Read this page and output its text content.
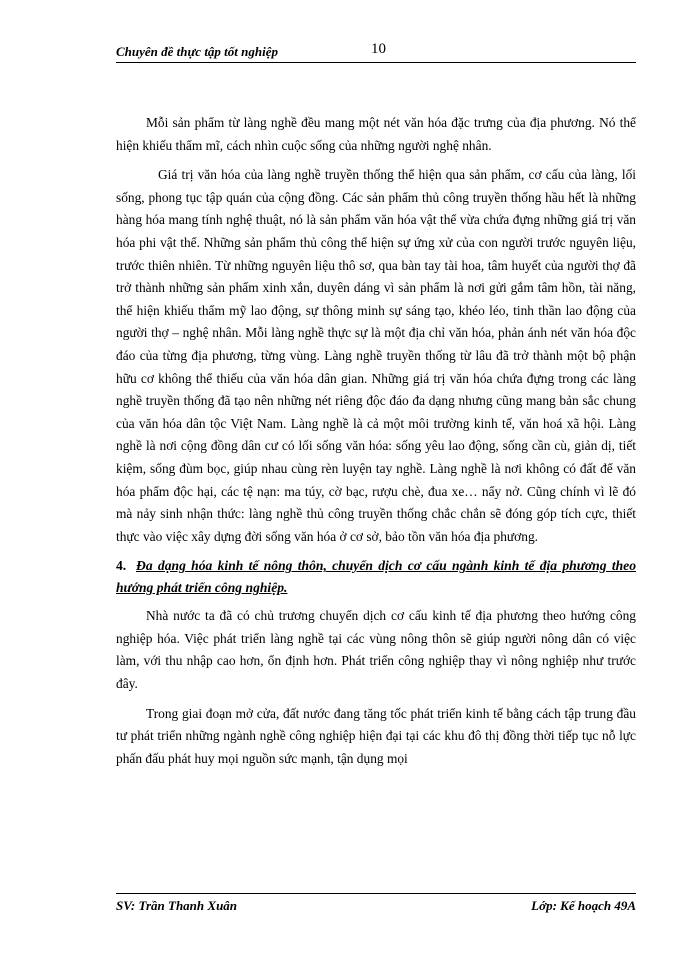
Chuyên đề thực tập tốt nghiệp	10

Mỗi sản phẩm từ làng nghề đều mang một nét văn hóa đặc trưng của địa phương. Nó thể hiện khiếu thẩm mĩ, cách nhìn cuộc sống của những người nghệ nhân.

Giá trị văn hóa của làng nghề truyền thống thể hiện qua sản phẩm, cơ cấu của làng, lối sống, phong tục tập quán của cộng đồng. Các sản phẩm thủ công truyền thống hầu hết là những hàng hóa mang tính nghệ thuật, nó là sản phẩm văn hóa vật thể vừa chứa đựng những giá trị văn hóa phi vật thể. Những sản phẩm thủ công thể hiện sự ứng xử của con người trước nguyên liệu, trước thiên nhiên. Từ những nguyên liệu thô sơ, qua bàn tay tài hoa, tâm huyết của người thợ đã trở thành những sản phẩm xinh xắn, duyên dáng vì sản phẩm là nơi gửi gắm tâm hồn, tài năng, thể hiện khiếu thẩm mỹ lao động, sự thông minh sự sáng tạo, khéo léo, tinh thần lao động của người thợ – nghệ nhân. Mỗi làng nghề thực sự là một địa chỉ văn hóa, phản ánh nét văn hóa độc đáo của từng địa phương, từng vùng. Làng nghề truyền thống từ lâu đã trở thành một bộ phận hữu cơ không thể thiếu của văn hóa dân gian. Những giá trị văn hóa chứa đựng trong các làng nghề truyền thống đã tạo nên những nét riêng độc đáo đa dạng nhưng cũng mang bản sắc chung của văn hóa dân tộc Việt Nam. Làng nghề là cả một môi trường kinh tế, văn hoá xã hội. Làng nghề là nơi cộng đồng dân cư có lối sống văn hóa: sống yêu lao động, sống cần cù, giản dị, tiết kiệm, sống đùm bọc, giúp nhau cùng rèn luyện tay nghề. Làng nghề là nơi không có đất để văn hóa phẩm độc hại, các tệ nạn: ma túy, cờ bạc, rượu chè, đua xe… nẩy nở. Cũng chính vì lẽ đó mà nảy sinh nhận thức: làng nghề thủ công truyền thống chắc chắn sẽ đóng góp tích cực, thiết thực vào việc xây dựng đời sống văn hóa ở cơ sở, bảo tồn văn hóa địa phương.

4. Đa dạng hóa kinh tế nông thôn, chuyển dịch cơ cấu ngành kinh tế địa phương theo hướng phát triển công nghiệp.

Nhà nước ta đã có chủ trương chuyển dịch cơ cấu kinh tế địa phương theo hướng công nghiệp hóa. Việc phát triển làng nghề tại các vùng nông thôn sẽ giúp người nông dân có việc làm, với thu nhập cao hơn, ổn định hơn. Phát triển công nghiệp thay vì nông nghiệp như trước đây.

Trong giai đoạn mở cửa, đất nước đang tăng tốc phát triển kinh tế bằng cách tập trung đầu tư phát triển những ngành nghề công nghiệp hiện đại tại các khu đô thị đồng thời tiếp tục nỗ lực phấn đấu phát huy mọi nguồn sức mạnh, tận dụng mọi

SV: Trần Thanh Xuân	Lớp: Kế hoạch 49A
